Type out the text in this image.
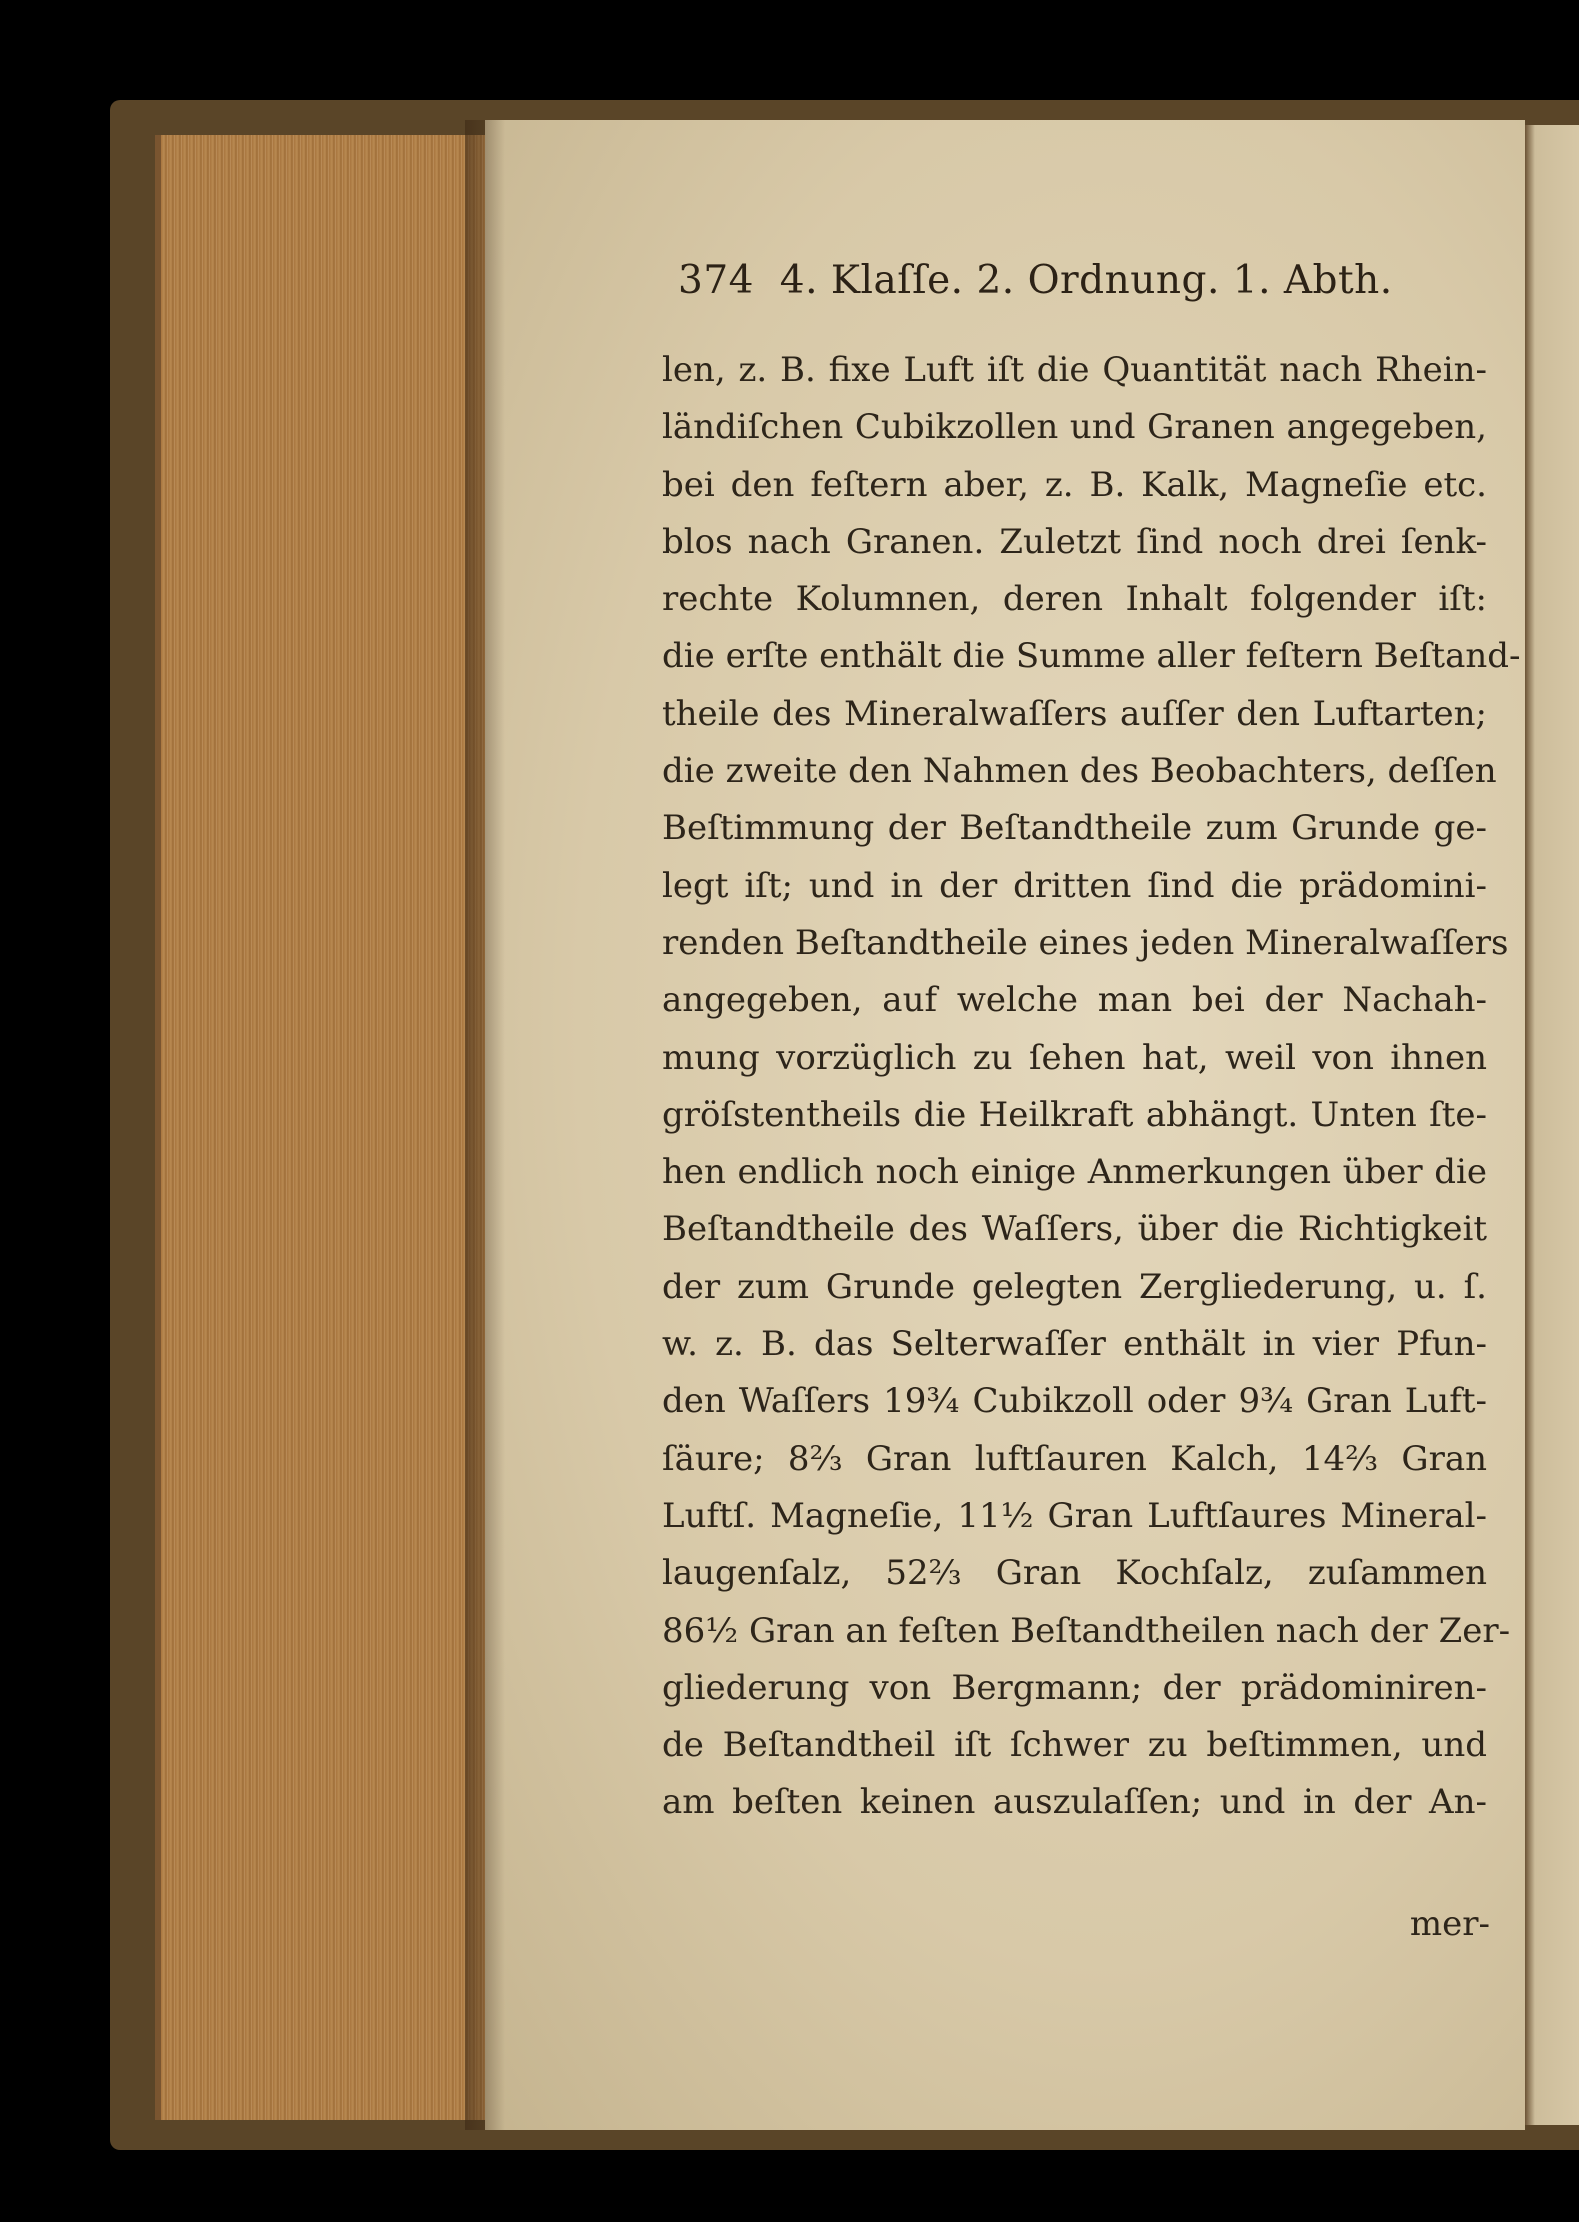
374 4. Klaſſe. 2. Ordnung. 1. Abth.
len, z. B. fixe Luft iſt die Quantität nach Rhein-
ländiſchen Cubikzollen und Granen angegeben,
bei den feſtern aber, z. B. Kalk, Magneſie etc.
blos nach Granen. Zuletzt ſind noch drei ſenk-
rechte Kolumnen, deren Inhalt folgender iſt:
die erſte enthält die Summe aller feſtern Beſtand-
theile des Mineralwaſſers auſſer den Luftarten;
die zweite den Nahmen des Beobachters, deſſen
Beſtimmung der Beſtandtheile zum Grunde ge-
legt iſt; und in der dritten ſind die prädomini-
renden Beſtandtheile eines jeden Mineralwaſſers
angegeben, auf welche man bei der Nachah-
mung vorzüglich zu ſehen hat, weil von ihnen
gröſstentheils die Heilkraft abhängt. Unten ſte-
hen endlich noch einige Anmerkungen über die
Beſtandtheile des Waſſers, über die Richtigkeit
der zum Grunde gelegten Zergliederung, u. ſ.
w. z. B. das Selterwaſſer enthält in vier Pfun-
den Waſſers 19¾ Cubikzoll oder 9¾ Gran Luft-
ſäure; 8⅔ Gran luftſauren Kalch, 14⅔ Gran
Luftſ. Magneſie, 11½ Gran Luftſaures Mineral-
laugenſalz, 52⅔ Gran Kochſalz, zuſammen
86½ Gran an feſten Beſtandtheilen nach der Zer-
gliederung von Bergmann; der prädominiren-
de Beſtandtheil iſt ſchwer zu beſtimmen, und
am beſten keinen auszulaſſen; und in der An-
mer-
